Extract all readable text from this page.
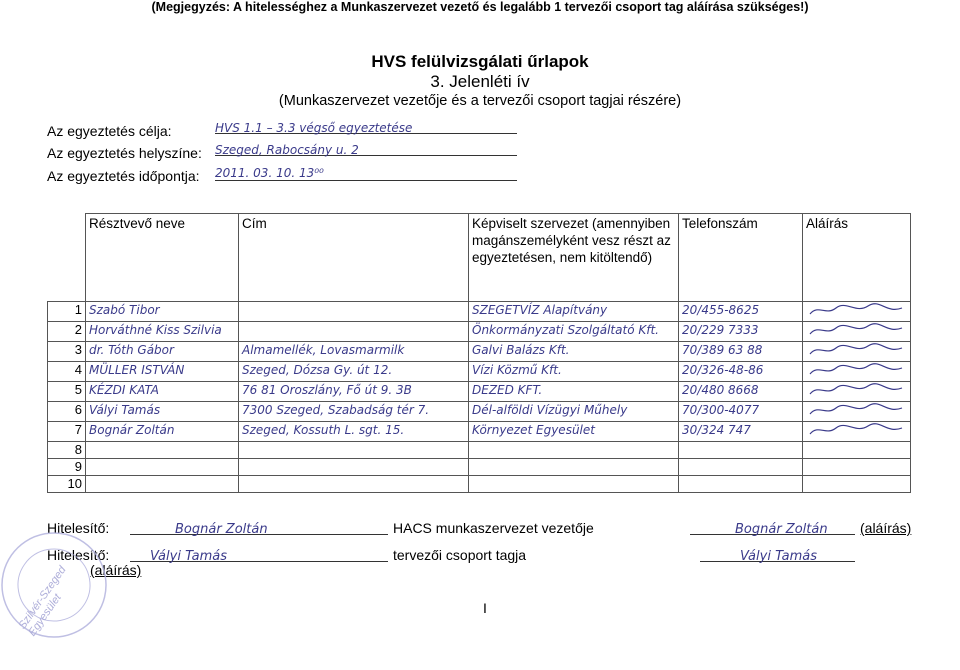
(Megjegyzés: A hitelességhez a Munkaszervezet vezető és legalább 1 tervezői csoport tag aláírása szükséges!)
HVS felülvizsgálati űrlapok
3. Jelenléti ív
(Munkaszervezet vezetője és a tervezői csoport tagjai részére)
Az egyeztetés célja:	HVS 1.1 – 3.3 végső egyeztetése
Az egyeztetés helyszíne: Szeged, Rabocsány u. 2
Az egyeztetés időpontja: 2011. 03. 10. 13⁰⁰
	Résztvevő neve	Cím	Képviselt szervezet (amennyiben magánszemélyként vesz részt az egyeztetésen, nem kitöltendő)	Telefonszám	Aláírás
1	Szabó Tibor		SZEGETVÍZ Alapítvány	20/455-8625	
2	Horváthné Kiss Szilvia		Önkormányzati Szolgáltató Kft.	20/229 7333	
3	dr. Tóth Gábor	Almamellék, Lovasmarmilk	Galvi Balázs Kft.	70/389 63 88	
4	MÜLLER ISTVÁN	Szeged, Dózsa Gy. út 12.	Vízi Közmű Kft.	20/326-48-86	
5	KÉZDI KATA	76 81 Oroszlány, Fő út 9. 3B	DEZED KFT.	20/480 8668	
6	Vályi Tamás	7300 Szeged, Szabadság tér 7.	Dél-alföldi Vízügyi Műhely	70/300-4077	
7	Bognár Zoltán	Szeged, Kossuth L. sgt. 15.	Környezet Egyesület	30/324 747	
8					
9					
10					
Hitelesítő:	Bognár Zoltán	HACS munkaszervezet vezetője	Bognár Zoltán	(aláírás)
Hitelesítő:	Vályi Tamás	tervezői csoport tagja	Vályi Tamás
(aláírás)
I
Szilvér-Szeged Egyesület
